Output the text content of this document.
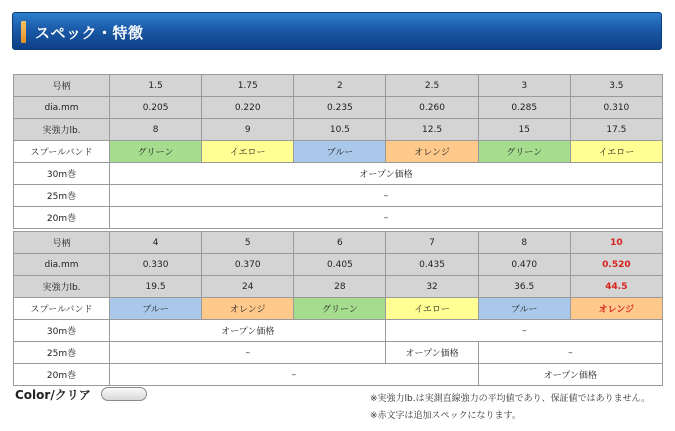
スペック・特徴
号柄	1.5	1.75	2	2.5	3	3.5
dia.mm	0.205	0.220	0.235	0.260	0.285	0.310
実強力lb.	8	9	10.5	12.5	15	17.5
スプールバンド	グリーン	イエロー	ブルー	オレンジ	グリーン	イエロー
30m巻	オープン価格					
25m巻	–					
20m巻	–					
号柄	4	5	6	7	8	10
dia.mm	0.330	0.370	0.405	0.435	0.470	0.520
実強力lb.	19.5	24	28	32	36.5	44.5
スプールバンド	ブルー	オレンジ	グリーン	イエロー	ブルー	オレンジ
30m巻	オープン価格			–		
25m巻	–			オープン価格	–	
20m巻	–				オープン価格	
Color/クリア	※実強力lb.は実測直線強力の平均値であり、保証値ではありません。
※赤文字は追加スペックになります。
